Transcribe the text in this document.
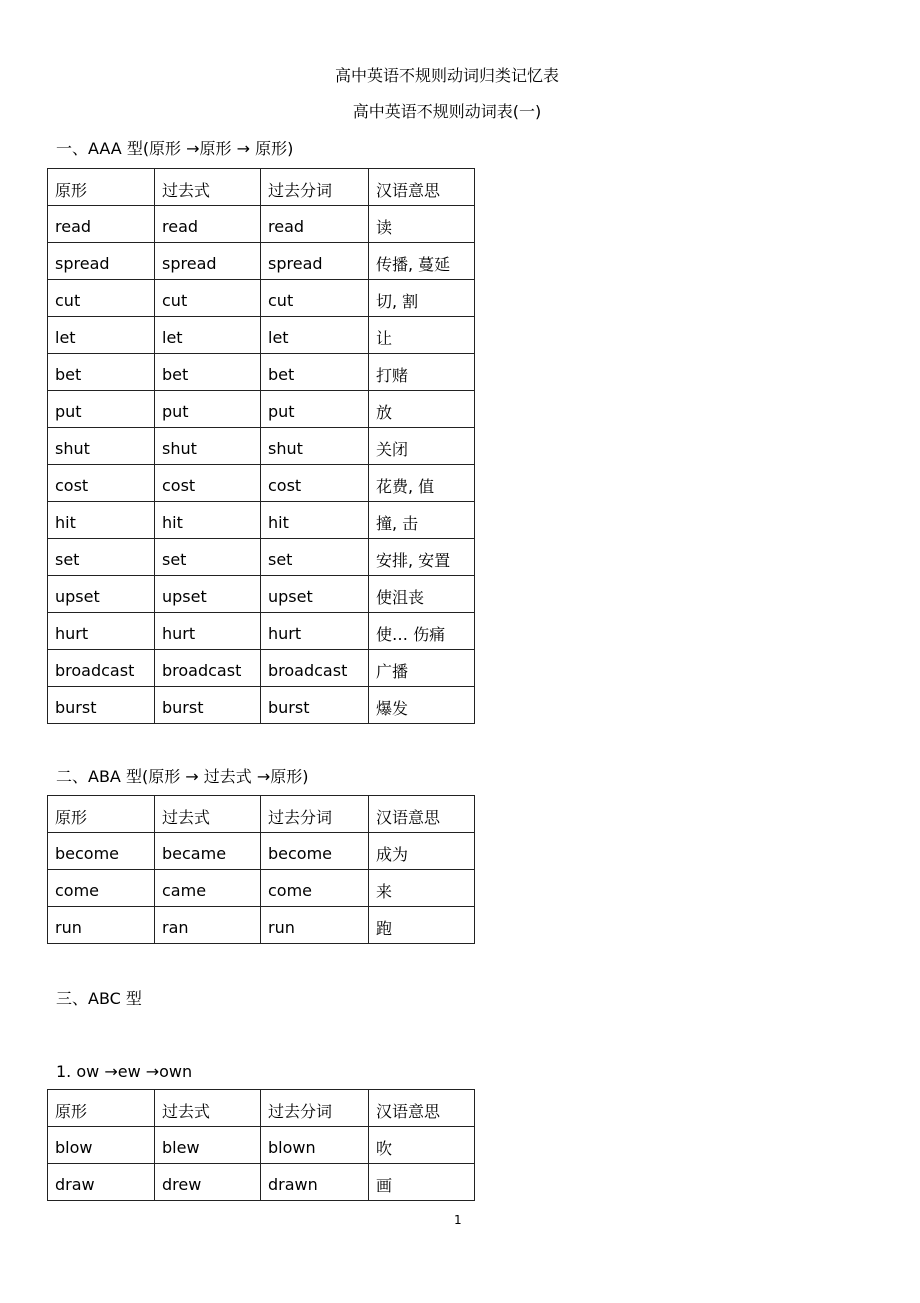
高中英语不规则动词归类记忆表
高中英语不规则动词表(一)
一、AAA 型(原形 →原形 → 原形)
原形	过去式	过去分词	汉语意思
read	read	read	读
spread	spread	spread	传播, 蔓延
cut	cut	cut	切, 割
let	let	let	让
bet	bet	bet	打赌
put	put	put	放
shut	shut	shut	关闭
cost	cost	cost	花费, 值
hit	hit	hit	撞, 击
set	set	set	安排, 安置
upset	upset	upset	使沮丧
hurt	hurt	hurt	使… 伤痛
broadcast	broadcast	broadcast	广播
burst	burst	burst	爆发
二、ABA 型(原形 → 过去式 →原形)
原形	过去式	过去分词	汉语意思
become	became	become	成为
come	came	come	来
run	ran	run	跑
三、ABC 型
1. ow →ew →own
原形	过去式	过去分词	汉语意思
blow	blew	blown	吹
draw	drew	drawn	画
1
